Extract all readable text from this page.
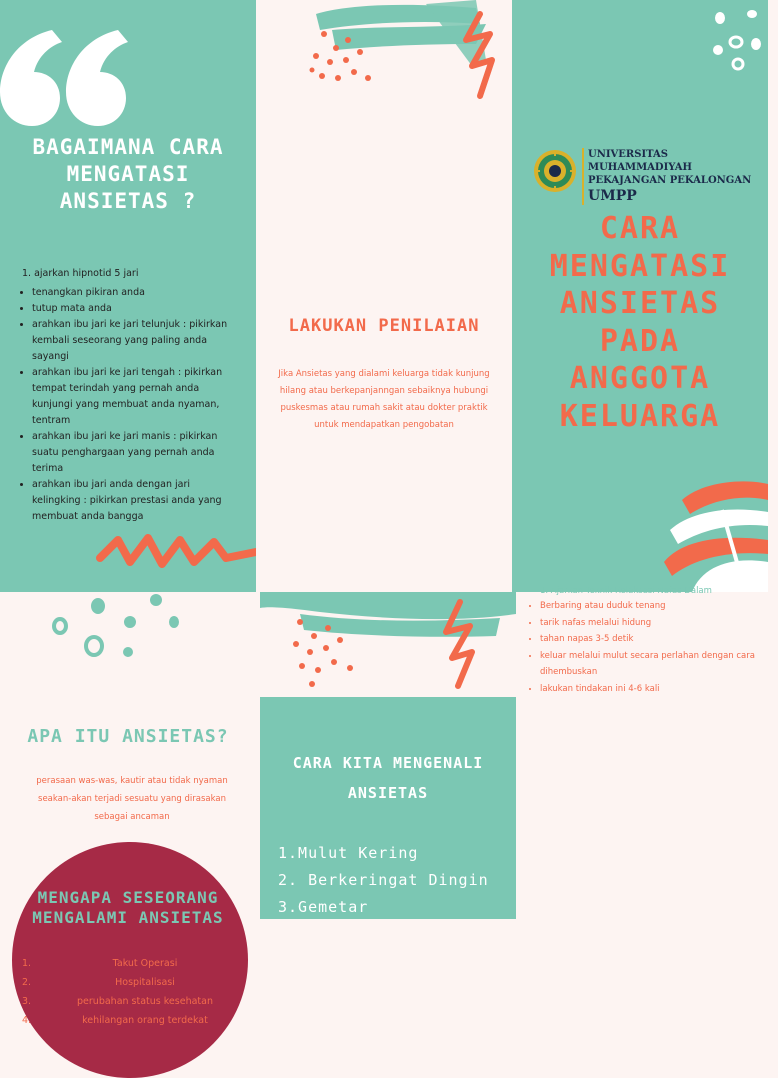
BAGAIMANA CARA
MENGATASI
ANSIETAS ?
1. ajarkan hipnotid 5 jari
• tenangkan pikiran anda
• tutup mata anda
• arahkan ibu jari ke jari telunjuk : pikirkan kembali seseorang yang paling anda sayangi
• arahkan ibu jari ke jari tengah : pikirkan tempat terindah yang pernah anda kunjungi yang membuat anda nyaman, tentram
• arahkan ibu jari ke jari manis : pikirkan suatu penghargaan yang pernah anda terima
• arahkan ibu jari anda dengan jari kelingking : pikirkan prestasi anda yang membuat anda bangga
LAKUKAN PENILAIAN
Jika Ansietas yang dialami keluarga tidak kunjung hilang atau berkepanjanngan sebaiknya hubungi puskesmas atau rumah sakit atau dokter praktik untuk mendapatkan pengobatan
UNIVERSITAS MUHAMMADIYAH
PEKAJANGAN PEKALONGAN
UMPP
CARA
MENGATASI
ANSIETAS
PADA
ANGGOTA
KELUARGA
APA ITU ANSIETAS?
perasaan was-was, kautir atau tidak nyaman seakan-akan terjadi sesuatu yang dirasakan sebagai ancaman
MENGAPA SESEORANG
MENGALAMI ANSIETAS
1.	Takut Operasi
2.	Hospitalisasi
3.	perubahan status kesehatan
4.	kehilangan orang terdekat
CARA KITA MENGENALI
ANSIETAS
1.Mulut Kering
2. Berkeringat Dingin
3.Gemetar
1. Ajarkan Teknik Relaksasi Nafas Dalam
• Berbaring atau duduk tenang
• tarik nafas melalui hidung
• tahan napas 3-5 detik
• keluar melalui mulut secara perlahan dengan cara dihembuskan
• lakukan tindakan ini 4-6 kali
